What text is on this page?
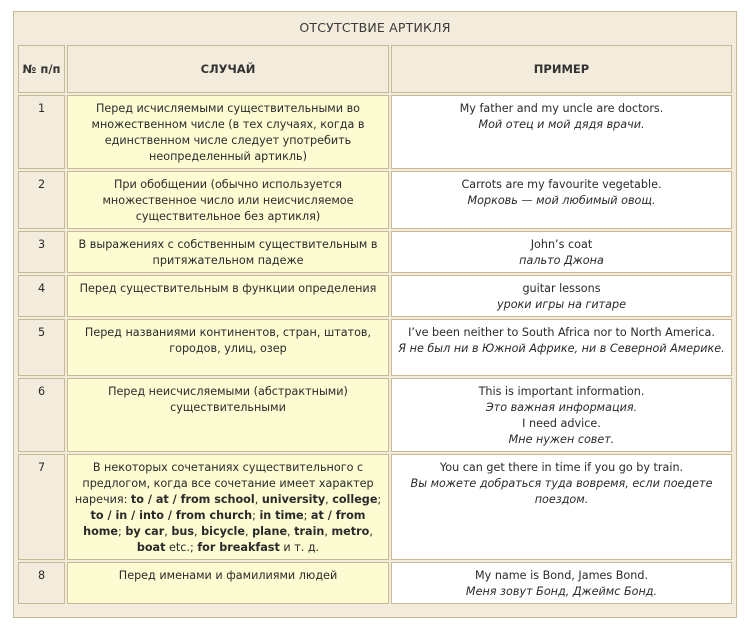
ОТСУТСТВИЕ АРТИКЛЯ
№ п/п	СЛУЧАЙ	ПРИМЕР
1	Перед исчисляемыми существительными во множественном числе (в тех случаях, когда в единственном числе следует употребить неопределенный артикль)	My father and my uncle are doctors.
Мой отец и мой дядя врачи.

2	При обобщении (обычно используется множественное число или неисчисляемое существительное без артикля)	Carrots are my favourite vegetable.
Морковь — мой любимый овощ.

3	В выражениях с собственным существительным в притяжательном падеже	John’s coat
пальто Джона

4	Перед существительным в функции определения	guitar lessons
уроки игры на гитаре

5	Перед названиями континентов, стран, штатов, городов, улиц, озер	I’ve been neither to South Africa nor to North America.
Я не был ни в Южной Африке, ни в Северной Америке.

6	Перед неисчисляемыми (абстрактными) существительными	This is important information.
Это важная информация.
I need advice.
Мне нужен совет.

7	В некоторых сочетаниях существительного с предлогом, когда все сочетание имеет характер наречия: to / at / from school, university, college; to / in / into / from church; in time; at / from home; by car, bus, bicycle, plane, train, metro, boat etc.; for breakfast и т. д.	You can get there in time if you go by train.
Вы можете добраться туда вовремя, если поедете поездом.

8	Перед именами и фамилиями людей	My name is Bond, James Bond.
Меня зовут Бонд, Джеймс Бонд.
